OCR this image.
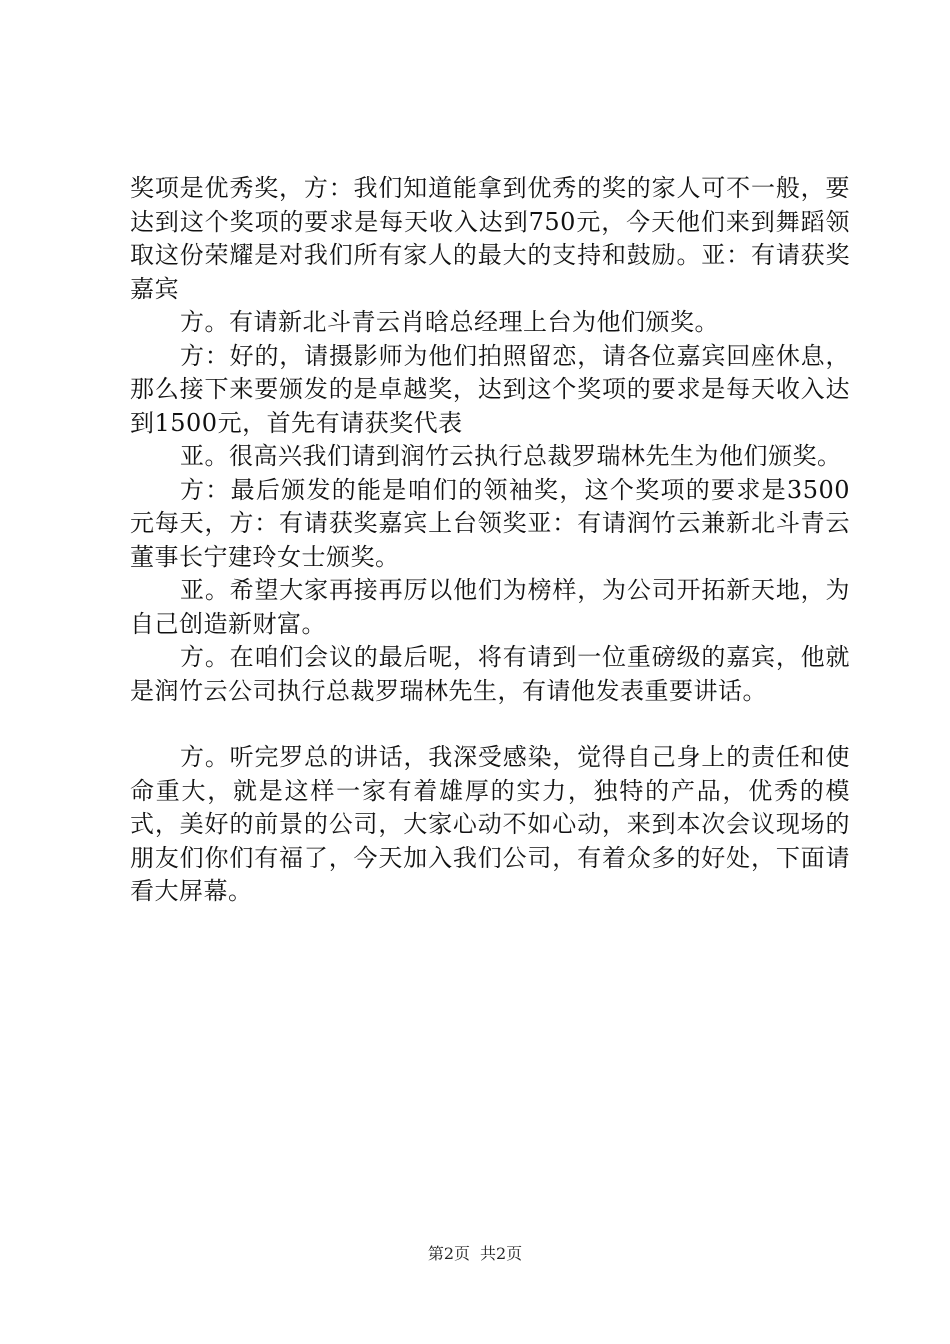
奖项是优秀奖，方：我们知道能拿到优秀的奖的家人可不一般，要达到这个奖项的要求是每天收入达到750元，今天他们来到舞蹈领取这份荣耀是对我们所有家人的最大的支持和鼓励。亚：有请获奖嘉宾

方。有请新北斗青云肖晗总经理上台为他们颁奖。

方：好的，请摄影师为他们拍照留恋，请各位嘉宾回座休息，那么接下来要颁发的是卓越奖，达到这个奖项的要求是每天收入达到1500元，首先有请获奖代表

亚。很高兴我们请到润竹云执行总裁罗瑞林先生为他们颁奖。

方：最后颁发的能是咱们的领袖奖，这个奖项的要求是3500元每天，方：有请获奖嘉宾上台领奖亚：有请润竹云兼新北斗青云董事长宁建玲女士颁奖。

亚。希望大家再接再厉以他们为榜样，为公司开拓新天地，为自己创造新财富。

方。在咱们会议的最后呢，将有请到一位重磅级的嘉宾，他就是润竹云公司执行总裁罗瑞林先生，有请他发表重要讲话。

方。听完罗总的讲话，我深受感染，觉得自己身上的责任和使命重大，就是这样一家有着雄厚的实力，独特的产品，优秀的模式，美好的前景的公司，大家心动不如心动，来到本次会议现场的朋友们你们有福了，今天加入我们公司，有着众多的好处，下面请看大屏幕。

第2页 共2页
